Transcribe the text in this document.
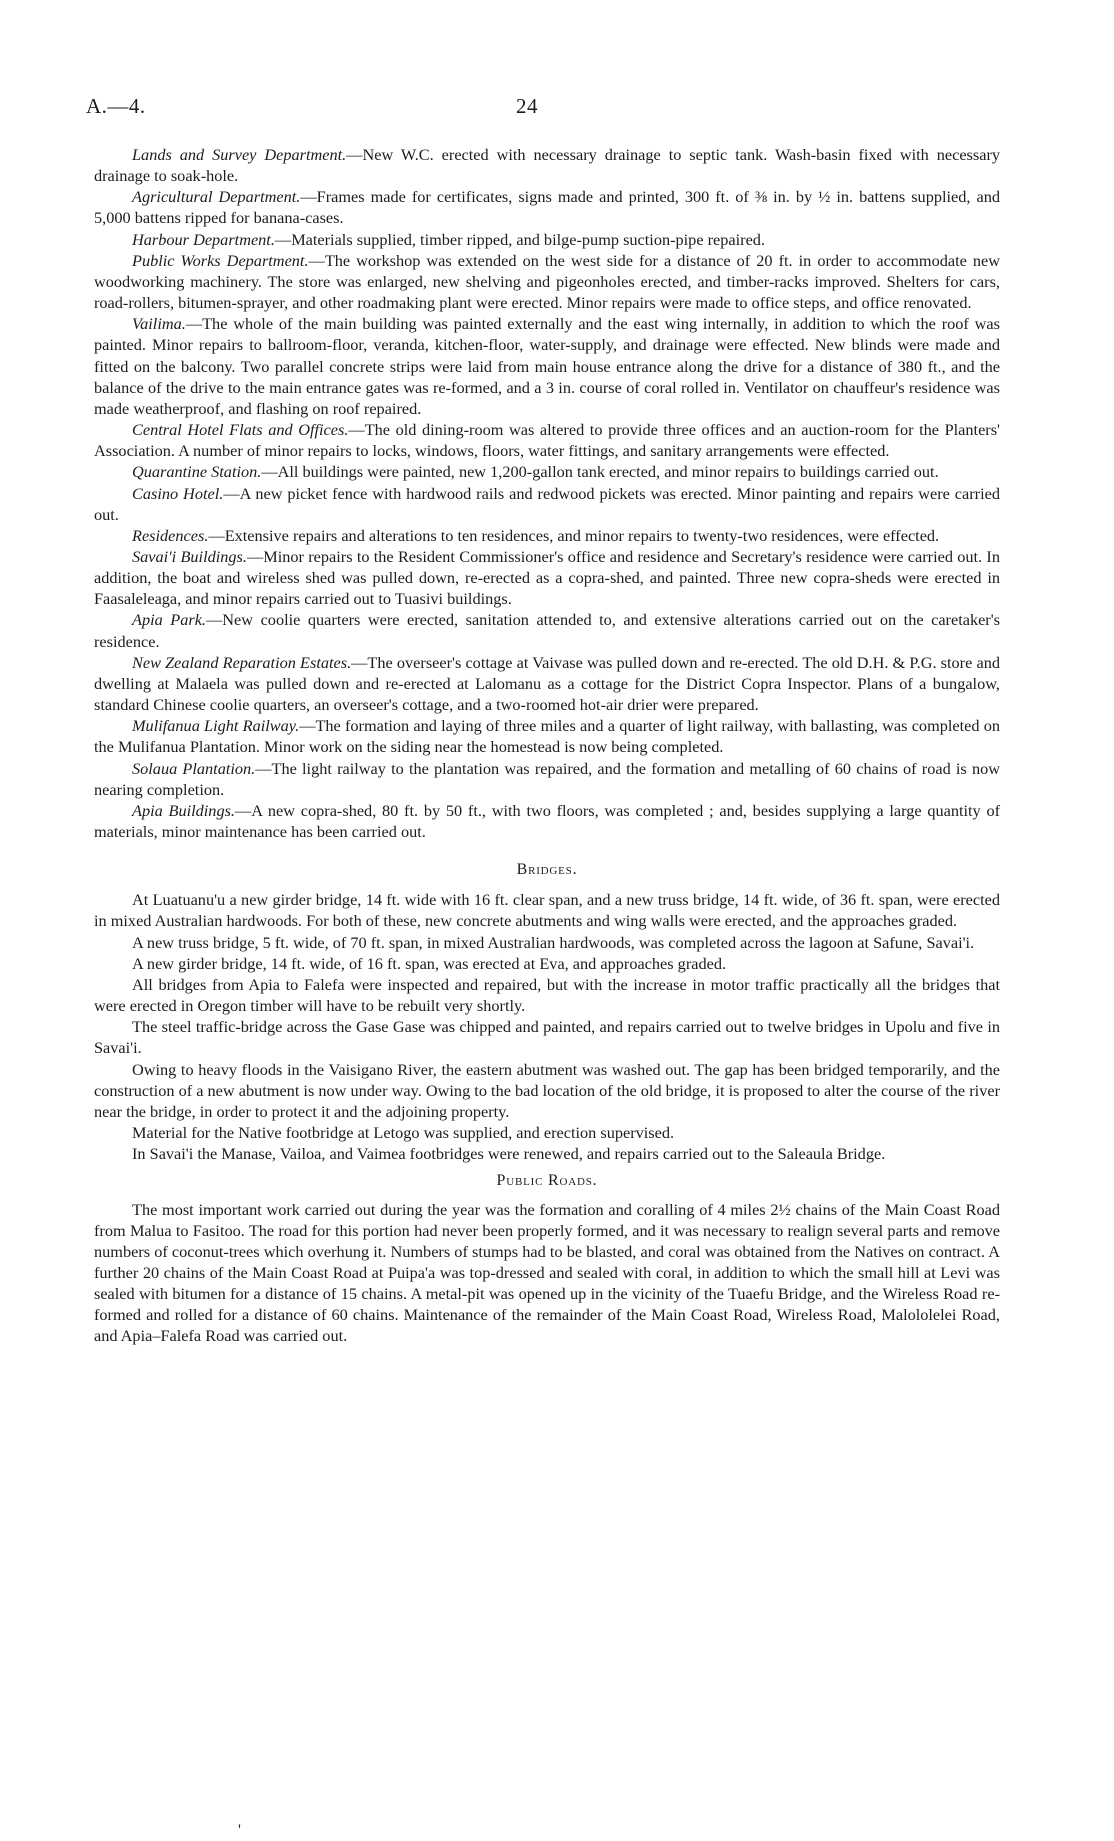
A.—4.	24

Lands and Survey Department.—New W.C. erected with necessary drainage to septic tank. Wash-basin fixed with necessary drainage to soak-hole.

Agricultural Department.—Frames made for certificates, signs made and printed, 300 ft. of ⅜ in. by ½ in. battens supplied, and 5,000 battens ripped for banana-cases.

Harbour Department.—Materials supplied, timber ripped, and bilge-pump suction-pipe repaired.

Public Works Department.—The workshop was extended on the west side for a distance of 20 ft. in order to accommodate new woodworking machinery. The store was enlarged, new shelving and pigeonholes erected, and timber-racks improved. Shelters for cars, road-rollers, bitumen-sprayer, and other roadmaking plant were erected. Minor repairs were made to office steps, and office renovated.

Vailima.—The whole of the main building was painted externally and the east wing internally, in addition to which the roof was painted. Minor repairs to ballroom-floor, veranda, kitchen-floor, water-supply, and drainage were effected. New blinds were made and fitted on the balcony. Two parallel concrete strips were laid from main house entrance along the drive for a distance of 380 ft., and the balance of the drive to the main entrance gates was re-formed, and a 3 in. course of coral rolled in. Ventilator on chauffeur's residence was made weatherproof, and flashing on roof repaired.

Central Hotel Flats and Offices.—The old dining-room was altered to provide three offices and an auction-room for the Planters' Association. A number of minor repairs to locks, windows, floors, water fittings, and sanitary arrangements were effected.

Quarantine Station.—All buildings were painted, new 1,200-gallon tank erected, and minor repairs to buildings carried out.

Casino Hotel.—A new picket fence with hardwood rails and redwood pickets was erected. Minor painting and repairs were carried out.

Residences.—Extensive repairs and alterations to ten residences, and minor repairs to twenty-two residences, were effected.

Savai'i Buildings.—Minor repairs to the Resident Commissioner's office and residence and Secretary's residence were carried out. In addition, the boat and wireless shed was pulled down, re-erected as a copra-shed, and painted. Three new copra-sheds were erected in Faasaleleaga, and minor repairs carried out to Tuasivi buildings.

Apia Park.—New coolie quarters were erected, sanitation attended to, and extensive alterations carried out on the caretaker's residence.

New Zealand Reparation Estates.—The overseer's cottage at Vaivase was pulled down and re-erected. The old D.H. & P.G. store and dwelling at Malaela was pulled down and re-erected at Lalomanu as a cottage for the District Copra Inspector. Plans of a bungalow, standard Chinese coolie quarters, an overseer's cottage, and a two-roomed hot-air drier were prepared.

Mulifanua Light Railway.—The formation and laying of three miles and a quarter of light railway, with ballasting, was completed on the Mulifanua Plantation. Minor work on the siding near the homestead is now being completed.

Solaua Plantation.—The light railway to the plantation was repaired, and the formation and metalling of 60 chains of road is now nearing completion.

Apia Buildings.—A new copra-shed, 80 ft. by 50 ft., with two floors, was completed ; and, besides supplying a large quantity of materials, minor maintenance has been carried out.

Bridges.

At Luatuanu'u a new girder bridge, 14 ft. wide with 16 ft. clear span, and a new truss bridge, 14 ft. wide, of 36 ft. span, were erected in mixed Australian hardwoods. For both of these, new concrete abutments and wing walls were erected, and the approaches graded.

A new truss bridge, 5 ft. wide, of 70 ft. span, in mixed Australian hardwoods, was completed across the lagoon at Safune, Savai'i.

A new girder bridge, 14 ft. wide, of 16 ft. span, was erected at Eva, and approaches graded.

All bridges from Apia to Falefa were inspected and repaired, but with the increase in motor traffic practically all the bridges that were erected in Oregon timber will have to be rebuilt very shortly.

The steel traffic-bridge across the Gase Gase was chipped and painted, and repairs carried out to twelve bridges in Upolu and five in Savai'i.

Owing to heavy floods in the Vaisigano River, the eastern abutment was washed out. The gap has been bridged temporarily, and the construction of a new abutment is now under way. Owing to the bad location of the old bridge, it is proposed to alter the course of the river near the bridge, in order to protect it and the adjoining property.

Material for the Native footbridge at Letogo was supplied, and erection supervised.

In Savai'i the Manase, Vailoa, and Vaimea footbridges were renewed, and repairs carried out to the Saleaula Bridge.

Public Roads.

The most important work carried out during the year was the formation and coralling of 4 miles 2½ chains of the Main Coast Road from Malua to Fasitoo. The road for this portion had never been properly formed, and it was necessary to realign several parts and remove numbers of coconut-trees which overhung it. Numbers of stumps had to be blasted, and coral was obtained from the Natives on contract. A further 20 chains of the Main Coast Road at Puipa'a was top-dressed and sealed with coral, in addition to which the small hill at Levi was sealed with bitumen for a distance of 15 chains. A metal-pit was opened up in the vicinity of the Tuaefu Bridge, and the Wireless Road re-formed and rolled for a distance of 60 chains. Maintenance of the remainder of the Main Coast Road, Wireless Road, Malololelei Road, and Apia–Falefa Road was carried out.

'
